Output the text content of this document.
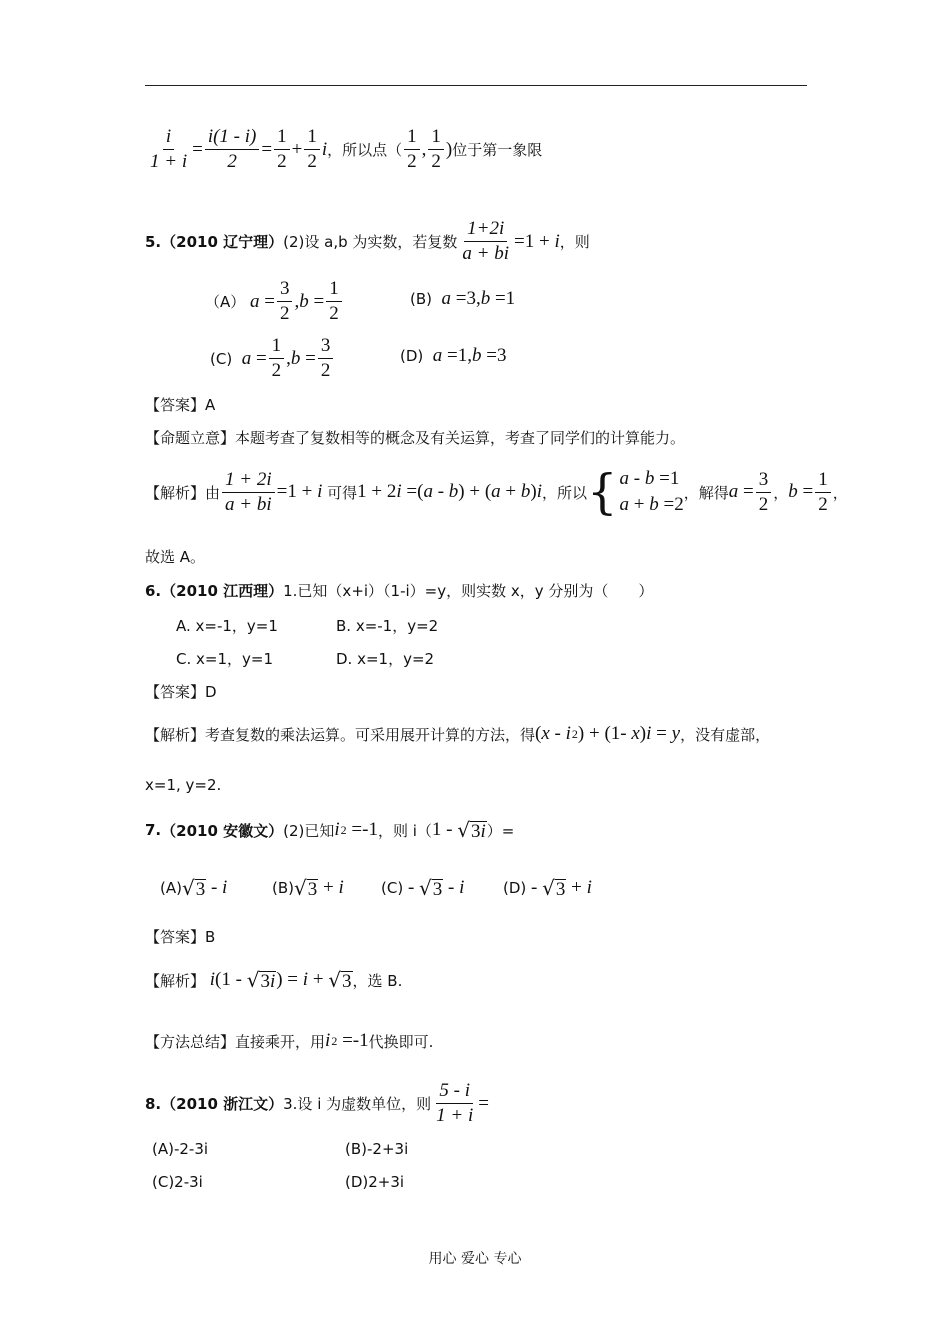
$\frac{i}{1 + i} = \frac{i(1 - i)}{2} = \frac{1}{2} + \frac{1}{2}$ i ，所以点（ $\frac{1}{2}$ , $\frac{1}{2}$ ) 位于第一象限
5. （2010 辽宁理） (2)设 a,b 为实数，若复数 $\frac{1+2i}{a + bi} =1 + i$ ，则
（A） $a = \frac{3}{2}$ , $b = \frac{1}{2}$	(B) a =3, b =1
(C) $a = \frac{1}{2}$ , $b = \frac{3}{2}$	(D) a =1, b =3
【答案】 A
【命题立意】 本题考查了复数相等的概念及有关运算，考查了同学们的计算能力。
【解析】 由 $\frac{1 + 2i}{a + bi} =1 + i$
可得 1 + 2 i =( a - b ) + ( a + b ) i ，所以 { a - b =1
a + b =2
，解得 $a = \frac{3}{2}$ ， $b = \frac{1}{2}$ ，
故选 A。
6. （2010 江西理） 1.已知（x+i）（1-i）=y，则实数 x，y 分别为（　　）
A. x=-1，y=1	B. x=-1，y=2
C. x=1，y=1	D. x=1，y=2
【答案】 D
【解析】 考查复数的乘法运算。可采用展开计算的方法，得 ( x - i 2 ) + (1- x ) i = y ，没有虚部，
x=1, y=2.
7. （2010 安徽文） (2)已知 i 2 =-1 ，则 i（ 1 - √ 3i ）=
(A) √ 3 - i	(B) √ 3 + i (C) - √ 3 - i	(D) - √ 3 + i
【答案】 B
【解析】 i (1 - √ 3i ) = i + √ 3 ，选 B.
【方法总结】 直接乘开，用 i 2 =-1 代换即可.
8. （2010 浙江文） 3.设 i 为虚数单位，则 $\frac{5 - i}{1 + i}$ =
(A)-2-3i	(B)-2+3i
(C)2-3i	(D)2+3i
用心 爱心 专心
